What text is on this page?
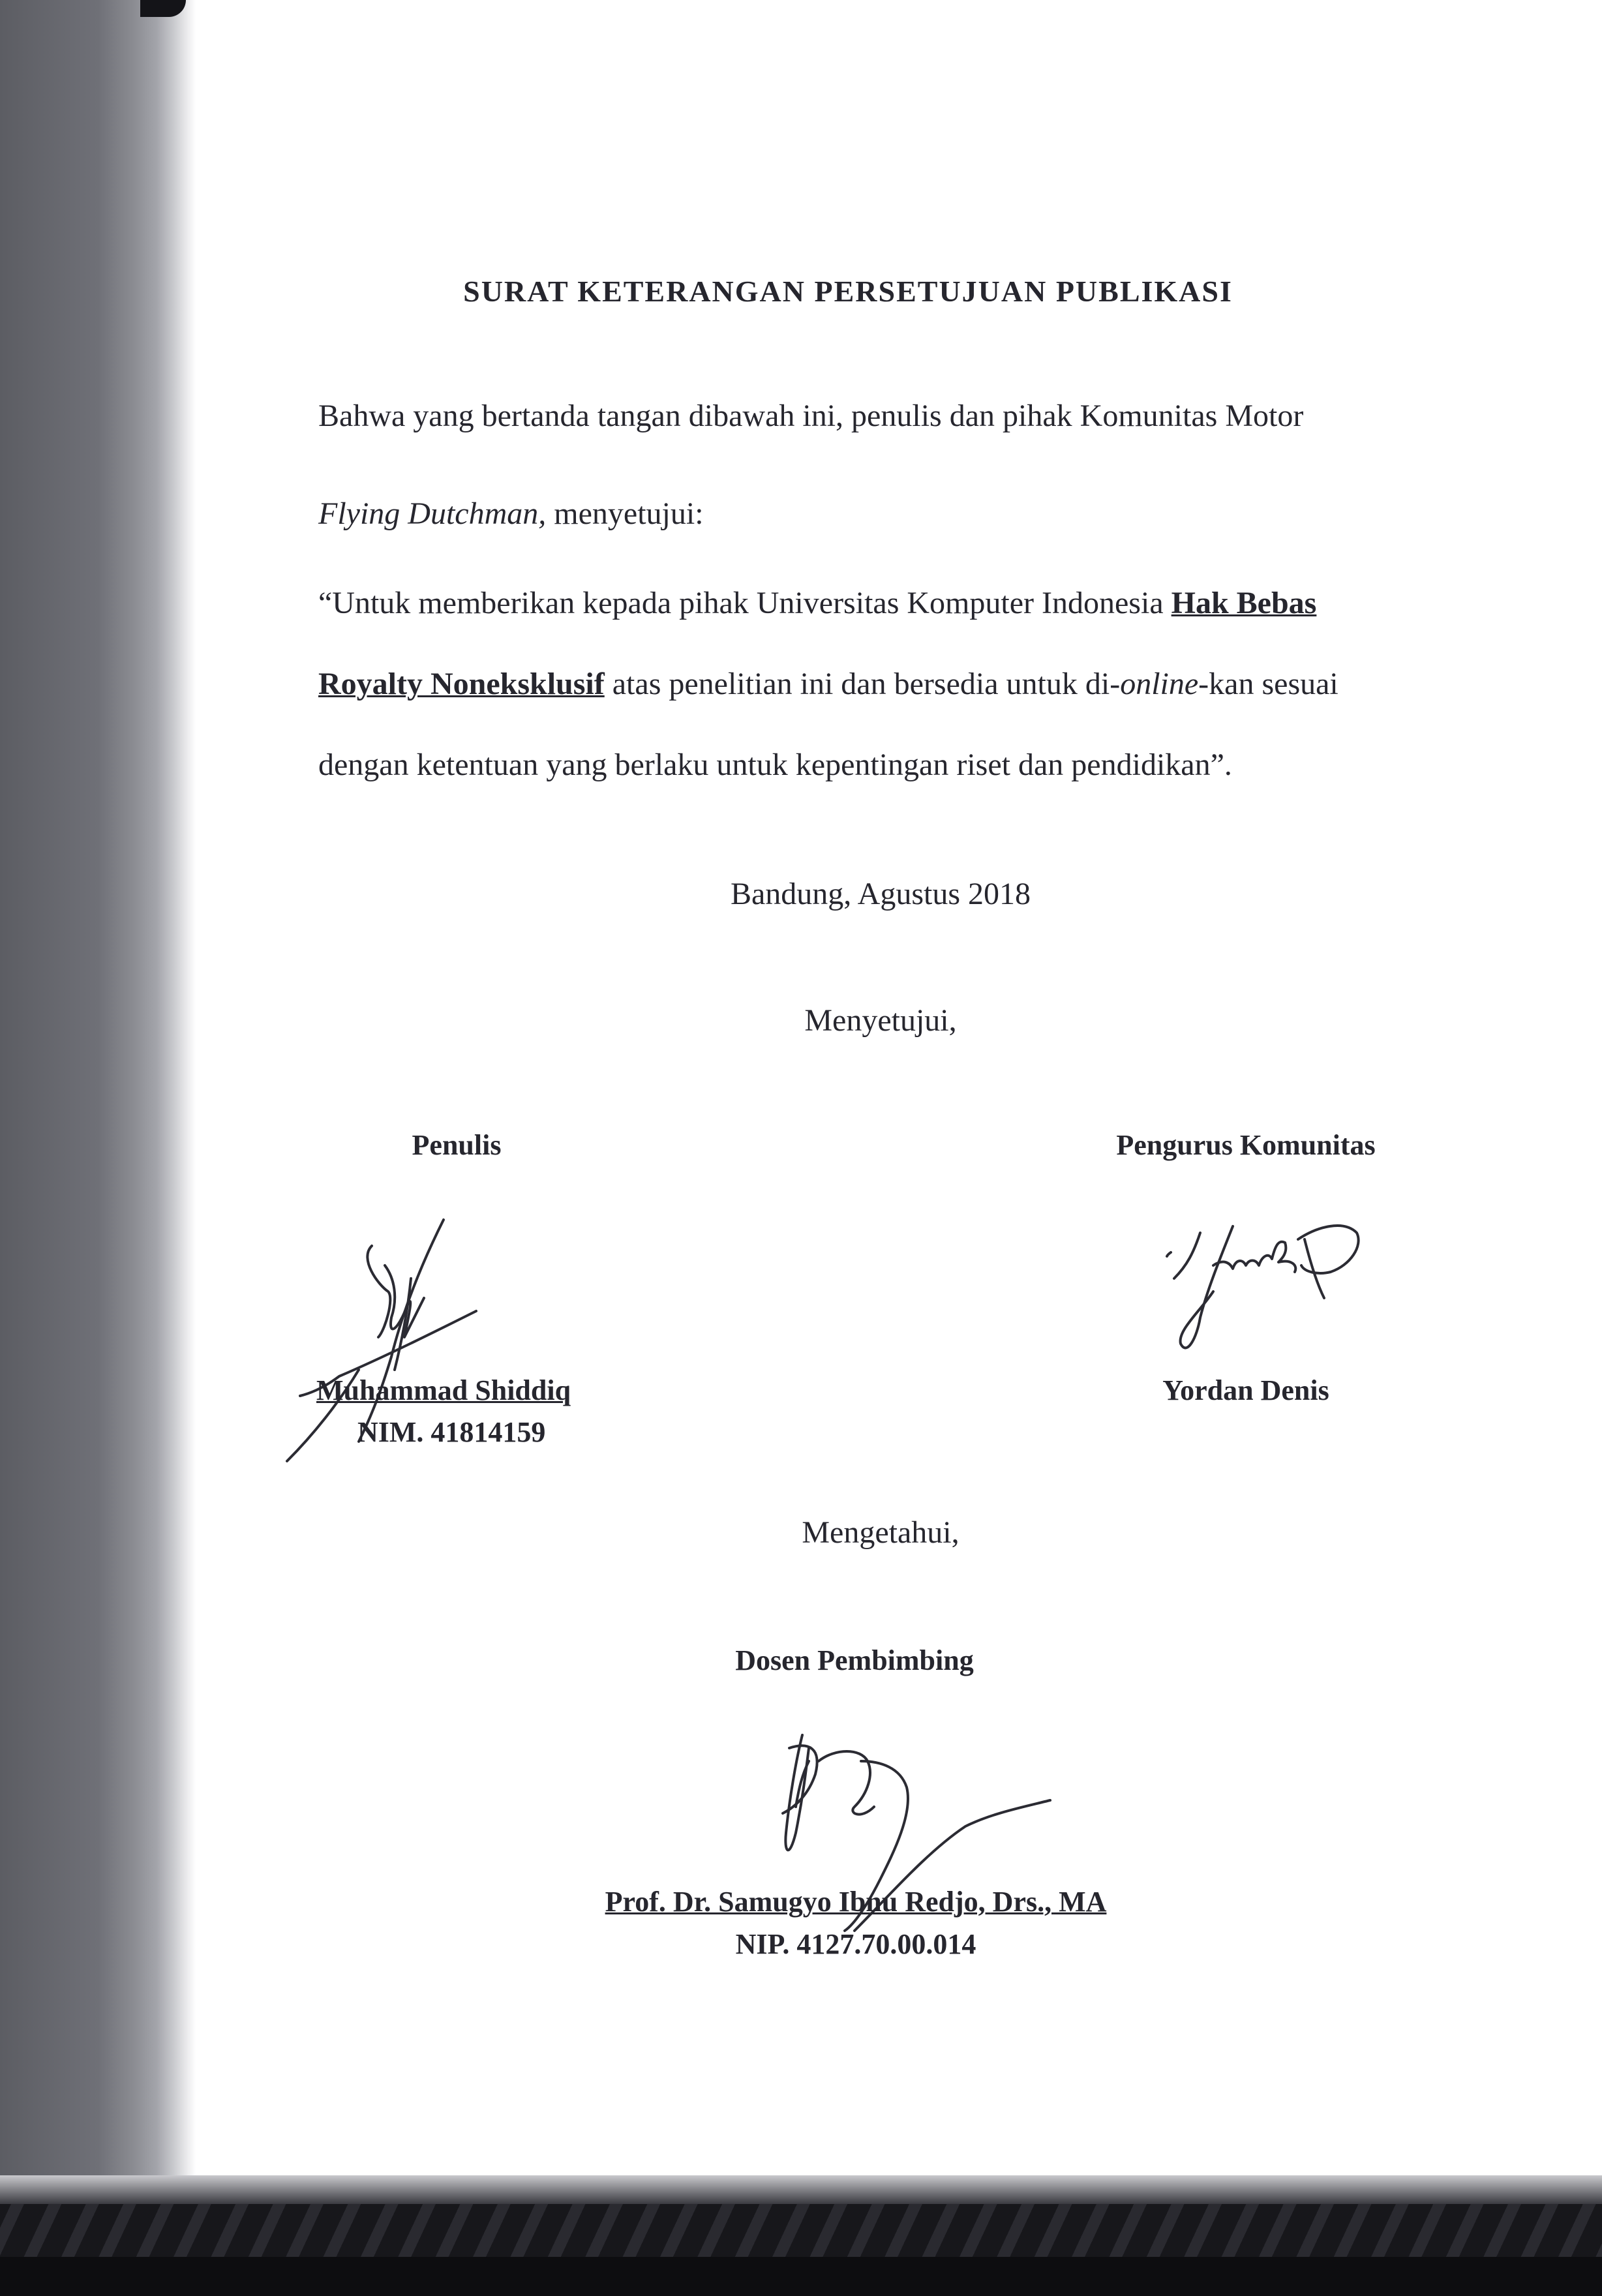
SURAT KETERANGAN PERSETUJUAN PUBLIKASI
Bahwa yang bertanda tangan dibawah ini, penulis dan pihak Komunitas Motor

Flying Dutchman, menyetujui:
“Untuk memberikan kepada pihak Universitas Komputer Indonesia Hak Bebas Royalty Noneksklusif atas penelitian ini dan bersedia untuk di-online-kan sesuai dengan ketentuan yang berlaku untuk kepentingan riset dan pendidikan”.
Bandung, Agustus 2018
Menyetujui,
Penulis
Muhammad Shiddiq
NIM. 41814159
Pengurus Komunitas
Yordan Denis
Mengetahui,
Dosen Pembimbing
Prof. Dr. Samugyo Ibnu Redjo, Drs., MA
NIP. 4127.70.00.014
